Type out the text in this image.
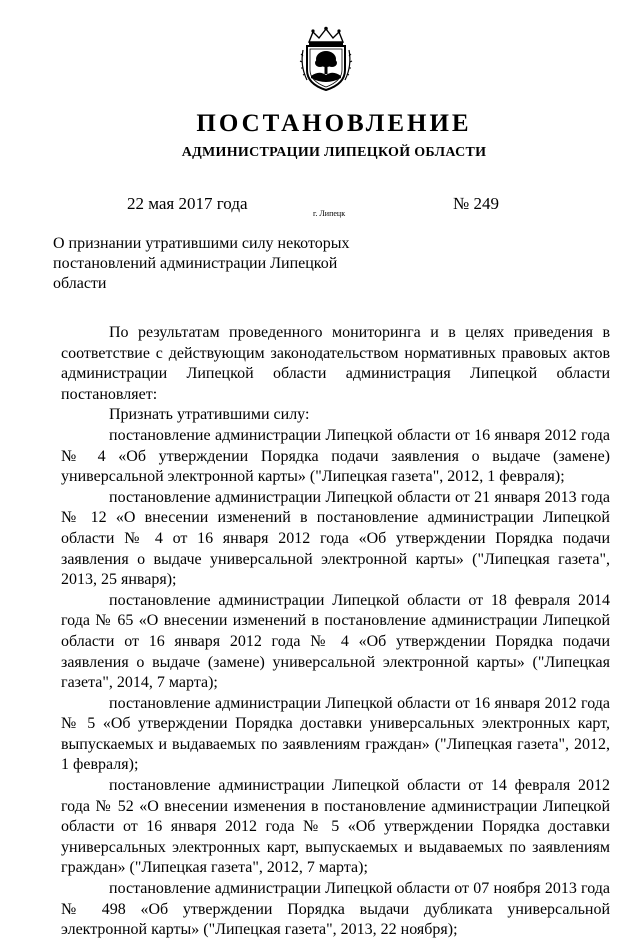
ПОСТАНОВЛЕНИЕ
АДМИНИСТРАЦИИ ЛИПЕЦКОЙ ОБЛАСТИ
22 мая 2017 года
г. Липецк
№ 249
О признании утратившими силу некоторых постановлений администрации Липецкой области

По результатам проведенного мониторинга и в целях приведения в соответствие с действующим законодательством нормативных правовых актов администрации Липецкой области администрация Липецкой области постановляет:

Признать утратившими силу:

постановление администрации Липецкой области от 16 января 2012 года № 4 «Об утверждении Порядка подачи заявления о выдаче (замене) универсальной электронной карты» ("Липецкая газета", 2012, 1 февраля);

постановление администрации Липецкой области от 21 января 2013 года № 12 «О внесении изменений в постановление администрации Липецкой области № 4 от 16 января 2012 года «Об утверждении Порядка подачи заявления о выдаче универсальной электронной карты» ("Липецкая газета", 2013, 25 января);

постановление администрации Липецкой области от 18 февраля 2014 года № 65 «О внесении изменений в постановление администрации Липецкой области от 16 января 2012 года № 4 «Об утверждении Порядка подачи заявления о выдаче (замене) универсальной электронной карты» ("Липецкая газета", 2014, 7 марта);

постановление администрации Липецкой области от 16 января 2012 года № 5 «Об утверждении Порядка доставки универсальных электронных карт, выпускаемых и выдаваемых по заявлениям граждан» ("Липецкая газета", 2012, 1 февраля);

постановление администрации Липецкой области от 14 февраля 2012 года № 52 «О внесении изменения в постановление администрации Липецкой области от 16 января 2012 года № 5 «Об утверждении Порядка доставки универсальных электронных карт, выпускаемых и выдаваемых по заявлениям граждан» ("Липецкая газета", 2012, 7 марта);

постановление администрации Липецкой области от 07 ноября 2013 года № 498 «Об утверждении Порядка выдачи дубликата универсальной электронной карты» ("Липецкая газета", 2013, 22 ноября);
